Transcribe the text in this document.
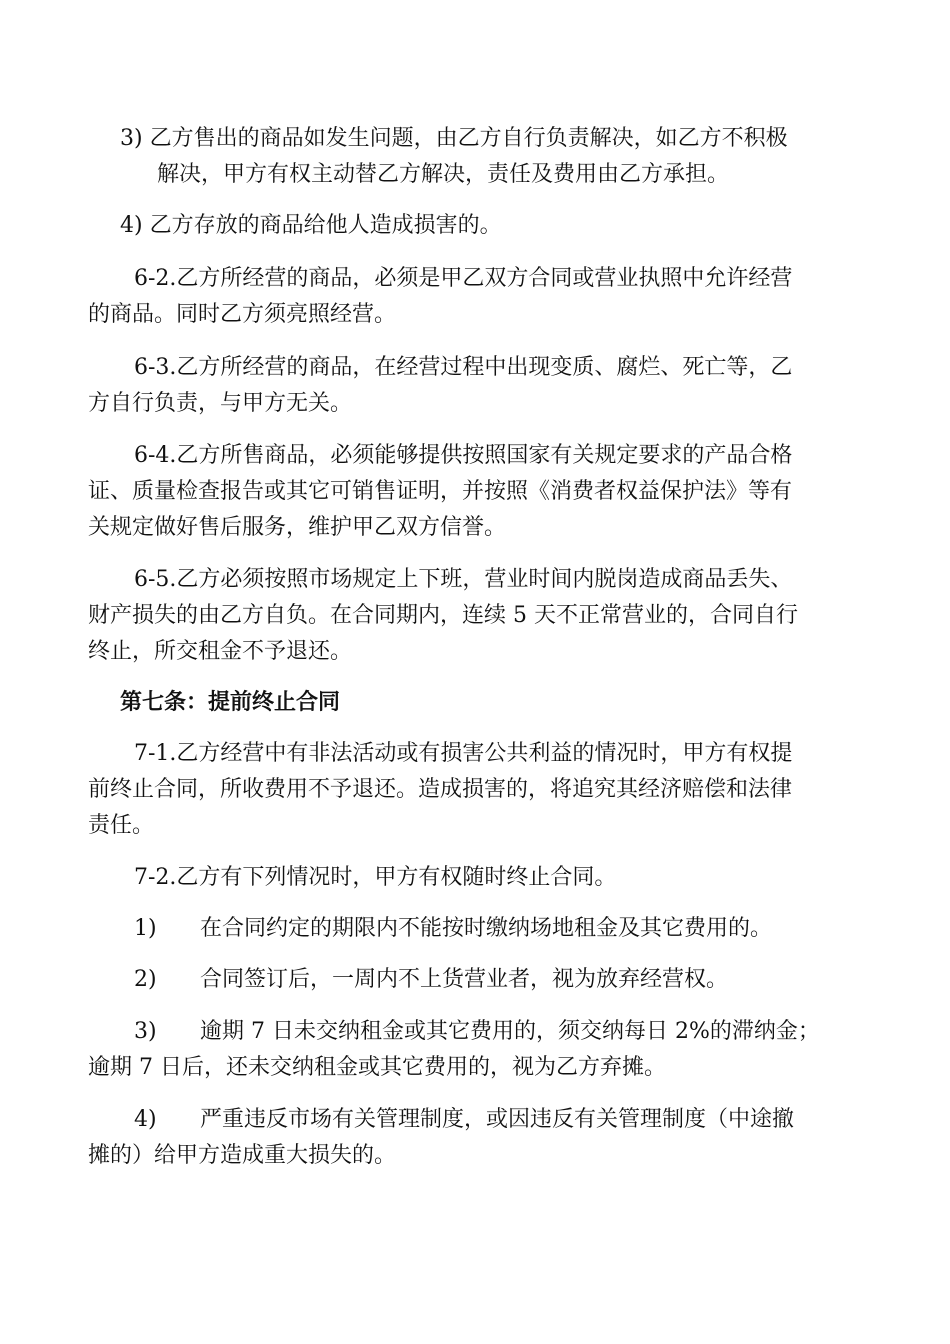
3) 乙方售出的商品如发生问题，由乙方自行负责解决，如乙方不积极
解决，甲方有权主动替乙方解决，责任及费用由乙方承担。
4) 乙方存放的商品给他人造成损害的。
6-2.乙方所经营的商品，必须是甲乙双方合同或营业执照中允许经营
的商品。同时乙方须亮照经营。
6-3.乙方所经营的商品，在经营过程中出现变质、腐烂、死亡等，乙
方自行负责，与甲方无关。
6-4.乙方所售商品，必须能够提供按照国家有关规定要求的产品合格
证、质量检查报告或其它可销售证明，并按照《消费者权益保护法》等有
关规定做好售后服务，维护甲乙双方信誉。
6-5.乙方必须按照市场规定上下班，营业时间内脱岗造成商品丢失、
财产损失的由乙方自负。在合同期内，连续 5 天不正常营业的，合同自行
终止，所交租金不予退还。
第七条：提前终止合同
7-1.乙方经营中有非法活动或有损害公共利益的情况时，甲方有权提
前终止合同，所收费用不予退还。造成损害的，将追究其经济赔偿和法律
责任。
7-2.乙方有下列情况时，甲方有权随时终止合同。
1) 在合同约定的期限内不能按时缴纳场地租金及其它费用的。
2) 合同签订后，一周内不上货营业者，视为放弃经营权。
3) 逾期 7 日未交纳租金或其它费用的，须交纳每日 2%的滞纳金；
逾期 7 日后，还未交纳租金或其它费用的，视为乙方弃摊。
4) 严重违反市场有关管理制度，或因违反有关管理制度（中途撤
摊的）给甲方造成重大损失的。
